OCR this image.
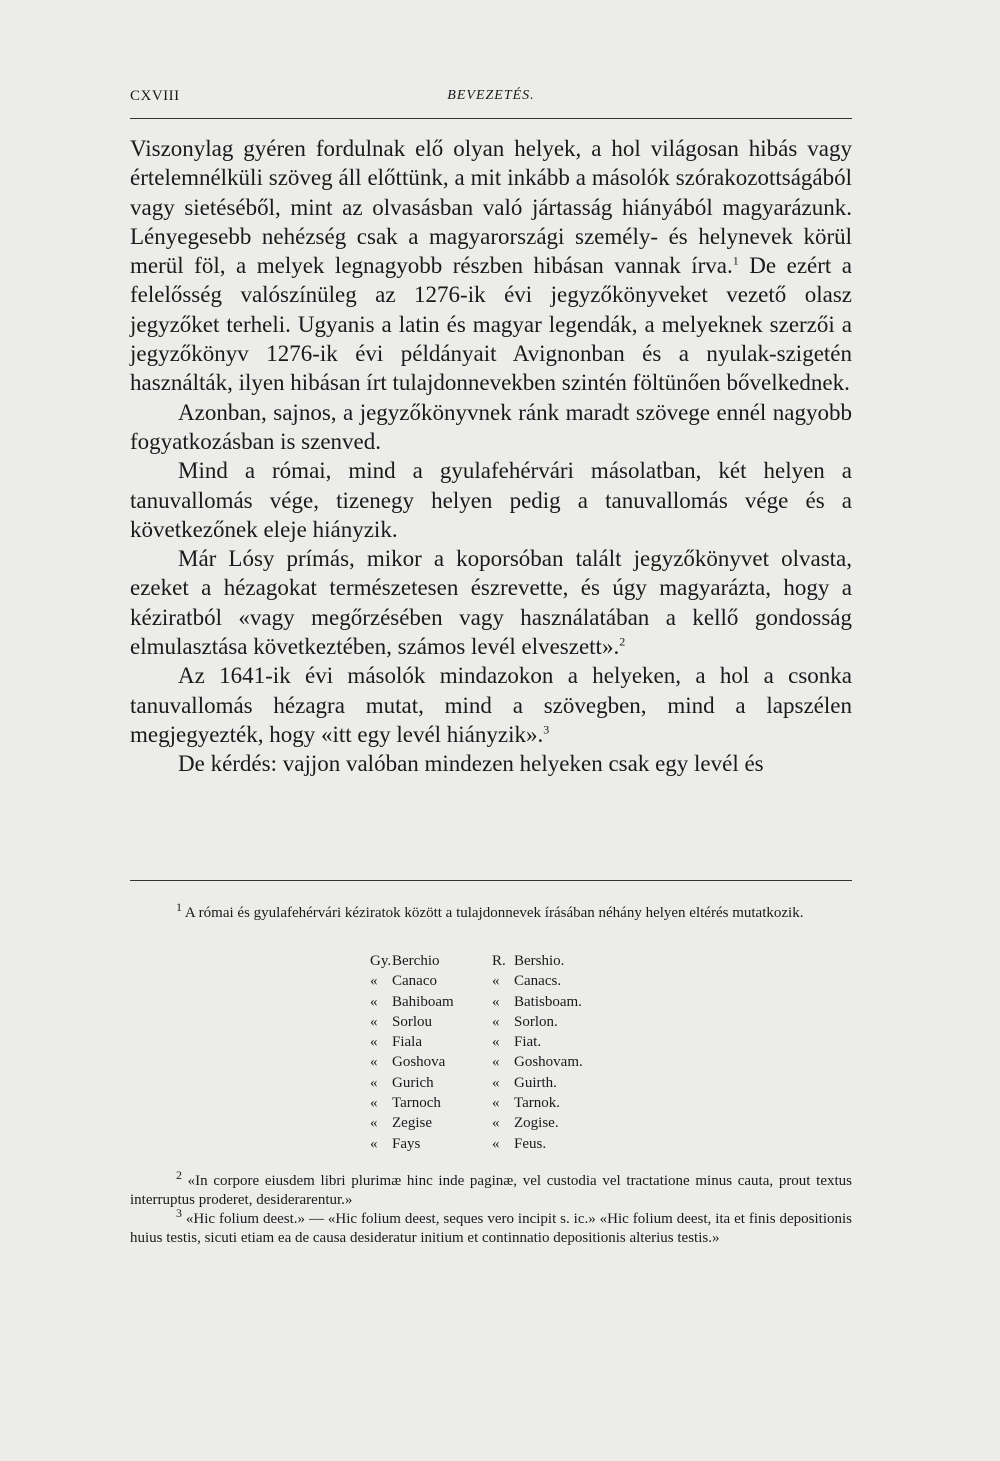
CXVIII	BEVEZETÉS.

Viszonylag gyéren fordulnak elő olyan helyek, a hol világosan hibás vagy értelemnélküli szöveg áll előttünk, a mit inkább a másolók szórakozottságából vagy sietéséből, mint az olvasásban való jártasság hiányából magyarázunk. Lényegesebb nehézség csak a magyarországi személy- és helynevek körül merül föl, a melyek legnagyobb részben hibásan vannak írva.$^1$ De ezért a felelősség valószínüleg az 1276-ik évi jegyzőkönyveket vezető olasz jegyzőket terheli. Ugyanis a latin és magyar legendák, a melyeknek szerzői a jegyzőkönyv 1276-ik évi példányait Avignonban és a nyulak-szigetén használták, ilyen hibásan írt tulajdonnevekben szintén föltünően bővelkednek.

Azonban, sajnos, a jegyzőkönyvnek ránk maradt szövege ennél nagyobb fogyatkozásban is szenved.

Mind a római, mind a gyulafehérvári másolatban, két helyen a tanuvallomás vége, tizenegy helyen pedig a tanuvallomás vége és a következőnek eleje hiányzik.

Már Lósy prímás, mikor a koporsóban talált jegyzőkönyvet olvasta, ezeket a hézagokat természetesen észrevette, és úgy magyarázta, hogy a kéziratból «vagy megőrzésében vagy használatában a kellő gondosság elmulasztása következtében, számos levél elveszett».$^2$

Az 1641-ik évi másolók mindazokon a helyeken, a hol a csonka tanuvallomás hézagra mutat, mind a szövegben, mind a lapszélen megjegyezték, hogy «itt egy levél hiányzik».$^3$

De kérdés: vajjon valóban mindezen helyeken csak egy levél és

$^1$ A római és gyulafehérvári kéziratok között a tulajdonnevek írásában néhány helyen eltérés mutatkozik.

Gy.Berchio	R. Bershio.
« Canaco	« Canacs.
« Bahiboam	« Batisboam.
« Sorlou	« Sorlon.
« Fiala	« Fiat.
« Goshova	« Goshovam.
« Gurich	« Guirth.
« Tarnoch	« Tarnok.
« Zegise	« Zogise.
« Fays	« Feus.

$^2$ «In corpore eiusdem libri plurimæ hinc inde paginæ, vel custodia vel tractatione minus cauta, prout textus interruptus proderet, desiderarentur.»

$^3$ «Hic folium deest.» — «Hic folium deest, seques vero incipit s. ic.» «Hic folium deest, ita et finis depositionis huius testis, sicuti etiam ea de causa desideratur initium et continnatio depositionis alterius testis.»
